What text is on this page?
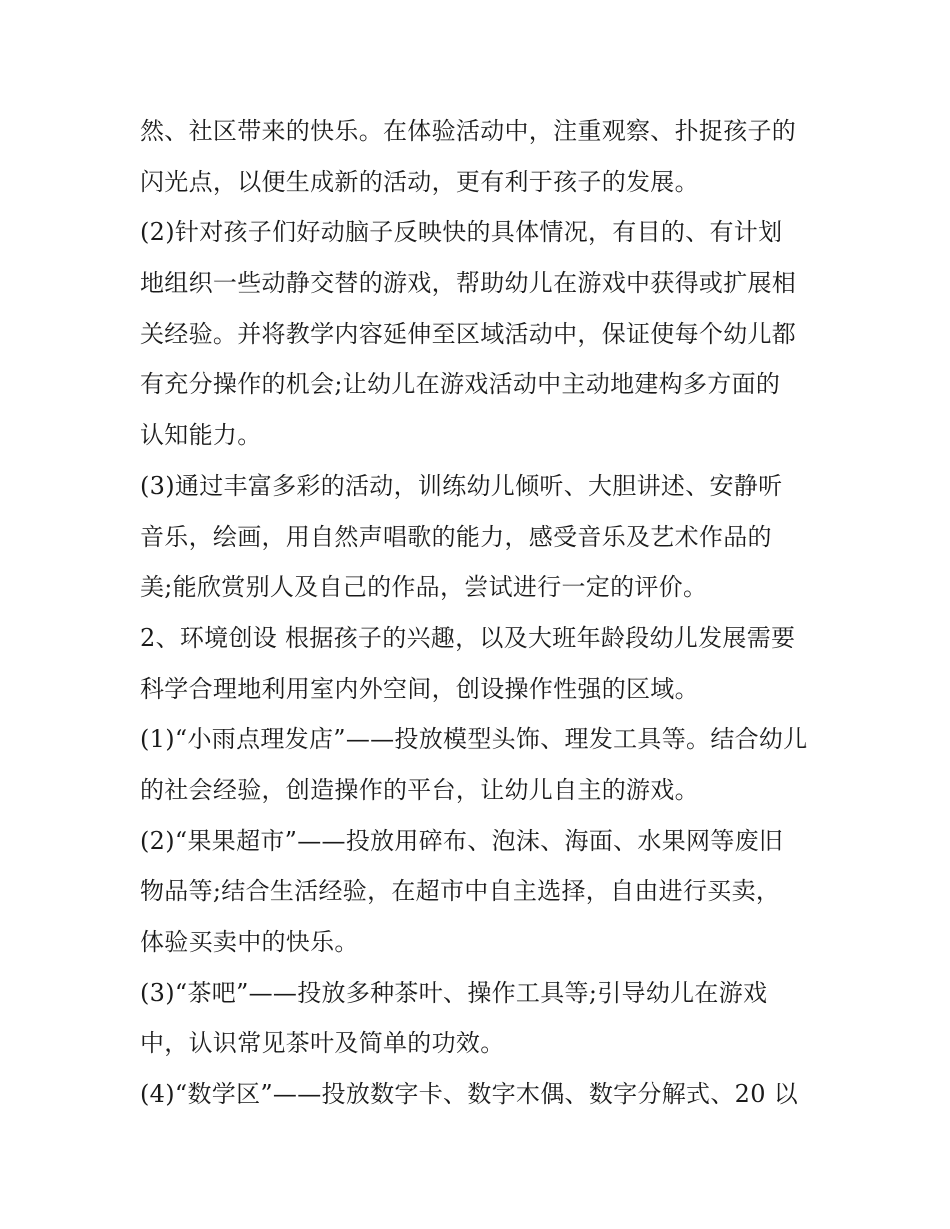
然、社区带来的快乐。在体验活动中，注重观察、扑捉孩子的
闪光点，以便生成新的活动，更有利于孩子的发展。
(2)针对孩子们好动脑子反映快的具体情况，有目的、有计划
地组织一些动静交替的游戏，帮助幼儿在游戏中获得或扩展相
关经验。并将教学内容延伸至区域活动中，保证使每个幼儿都
有充分操作的机会;让幼儿在游戏活动中主动地建构多方面的
认知能力。
(3)通过丰富多彩的活动，训练幼儿倾听、大胆讲述、安静听
音乐，绘画，用自然声唱歌的能力，感受音乐及艺术作品的
美;能欣赏别人及自己的作品，尝试进行一定的评价。
2、环境创设 根据孩子的兴趣，以及大班年龄段幼儿发展需要
科学合理地利用室内外空间，创设操作性强的区域。
(1)“小雨点理发店”——投放模型头饰、理发工具等。结合幼儿
的社会经验，创造操作的平台，让幼儿自主的游戏。
(2)“果果超市”——投放用碎布、泡沫、海面、水果网等废旧
物品等;结合生活经验，在超市中自主选择，自由进行买卖，
体验买卖中的快乐。
(3)“茶吧”——投放多种茶叶、操作工具等;引导幼儿在游戏
中，认识常见茶叶及简单的功效。
(4)“数学区”——投放数字卡、数字木偶、数字分解式、20 以
